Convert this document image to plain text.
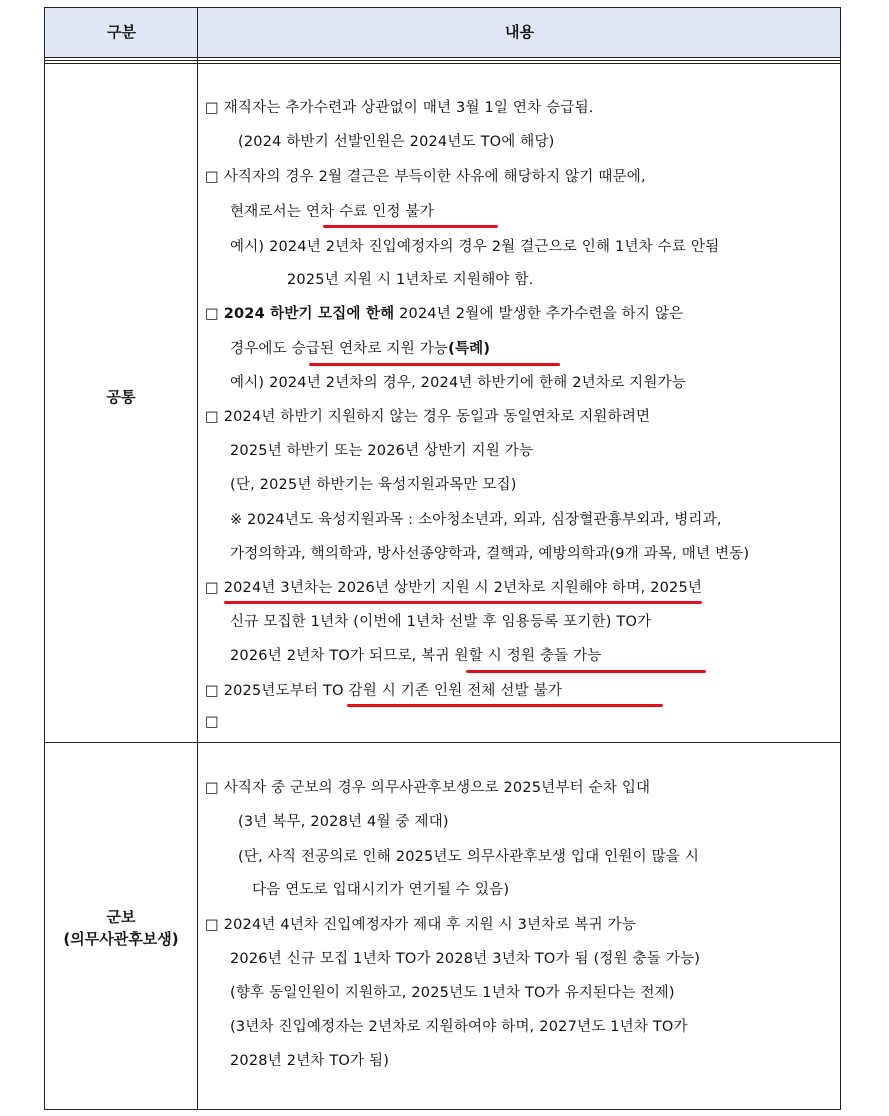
구분	내용
공통
군보
(의무사관후보생)
□ 재직자는 추가수련과 상관없이 매년 3월 1일 연차 승급됨.
(2024 하반기 선발인원은 2024년도 TO에 해당)
□ 사직자의 경우 2월 결근은 부득이한 사유에 해당하지 않기 때문에,
현재로서는 연차 수료 인정 불가
예시) 2024년 2년차 진입예정자의 경우 2월 결근으로 인해 1년차 수료 안됨
2025년 지원 시 1년차로 지원해야 함.
□ 2024 하반기 모집에 한해 2024년 2월에 발생한 추가수련을 하지 않은
경우에도 승급된 연차로 지원 가능(특례)
예시) 2024년 2년차의 경우, 2024년 하반기에 한해 2년차로 지원가능
□ 2024년 하반기 지원하지 않는 경우 동일과 동일연차로 지원하려면
2025년 하반기 또는 2026년 상반기 지원 가능
(단, 2025년 하반기는 육성지원과목만 모집)
※ 2024년도 육성지원과목 : 소아청소년과, 외과, 심장혈관흉부외과, 병리과,
가정의학과, 핵의학과, 방사선종양학과, 결핵과, 예방의학과(9개 과목, 매년 변동)
□ 2024년 3년차는 2026년 상반기 지원 시 2년차로 지원해야 하며, 2025년
신규 모집한 1년차 (이번에 1년차 선발 후 임용등록 포기한) TO가
2026년 2년차 TO가 되므로, 복귀 원할 시 정원 충돌 가능
□ 2025년도부터 TO 감원 시 기존 인원 전체 선발 불가
□
□ 사직자 중 군보의 경우 의무사관후보생으로 2025년부터 순차 입대
(3년 복무, 2028년 4월 중 제대)
(단, 사직 전공의로 인해 2025년도 의무사관후보생 입대 인원이 많을 시
다음 연도로 입대시기가 연기될 수 있음)
□ 2024년 4년차 진입예정자가 제대 후 지원 시 3년차로 복귀 가능
2026년 신규 모집 1년차 TO가 2028년 3년차 TO가 됨 (정원 충돌 가능)
(향후 동일인원이 지원하고, 2025년도 1년차 TO가 유지된다는 전제)
(3년차 진입예정자는 2년차로 지원하여야 하며, 2027년도 1년차 TO가
2028년 2년차 TO가 됨)
